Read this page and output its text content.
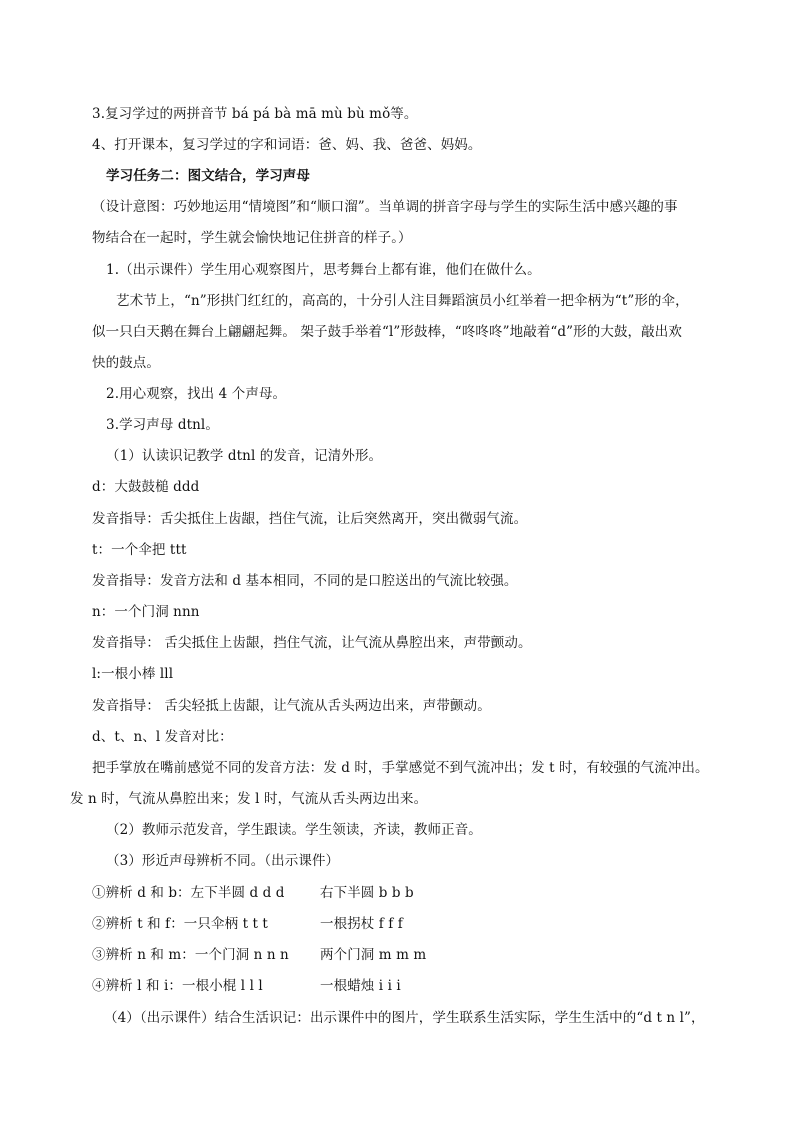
3.复习学过的两拼音节 bá pá bà mā mù bù mǒ等。
4、打开课本，复习学过的字和词语：爸、妈、我、爸爸、妈妈。
学习任务二：图文结合，学习声母
（设计意图：巧妙地运用“情境图”和“顺口溜”。当单调的拼音字母与学生的实际生活中感兴趣的事
物结合在一起时，学生就会愉快地记住拼音的样子。）
1.（出示课件）学生用心观察图片，思考舞台上都有谁，他们在做什么。
艺术节上，“n”形拱门红红的，高高的，十分引人注目舞蹈演员小红举着一把伞柄为“t”形的伞，
似一只白天鹅在舞台上翩翩起舞。 架子鼓手举着“l”形鼓棒，“咚咚咚”地敲着“d”形的大鼓，敲出欢
快的鼓点。
2.用心观察，找出 4 个声母。
3.学习声母 dtnl。
（1）认读识记教学 dtnl 的发音，记清外形。
d：大鼓鼓槌 ddd
发音指导：舌尖抵住上齿龈，挡住气流，让后突然离开，突出微弱气流。
t：一个伞把 ttt
发音指导：发音方法和 d 基本相同，不同的是口腔送出的气流比较强。
n：一个门洞 nnn
发音指导： 舌尖抵住上齿龈，挡住气流，让气流从鼻腔出来，声带颤动。
l:一根小棒 lll
发音指导： 舌尖轻抵上齿龈，让气流从舌头两边出来，声带颤动。
d、t、n、l 发音对比：
把手掌放在嘴前感觉不同的发音方法：发 d 时，手掌感觉不到气流冲出；发 t 时，有较强的气流冲出。
发 n 时，气流从鼻腔出来；发 l 时，气流从舌头两边出来。
（2）教师示范发音，学生跟读。学生领读，齐读，教师正音。
（3）形近声母辨析不同。（出示课件）
①辨析 d 和 b：左下半圆 d d d	右下半圆 b b b
②辨析 t 和 f：一只伞柄 t t t	一根拐杖 f f f
③辨析 n 和 m：一个门洞 n n n 两个门洞 m m m
④辨析 l 和 i：一根小棍 l l l	一根蜡烛 i i i
（4）（出示课件）结合生活识记：出示课件中的图片，学生联系生活实际，学生生活中的“d t n l”，
